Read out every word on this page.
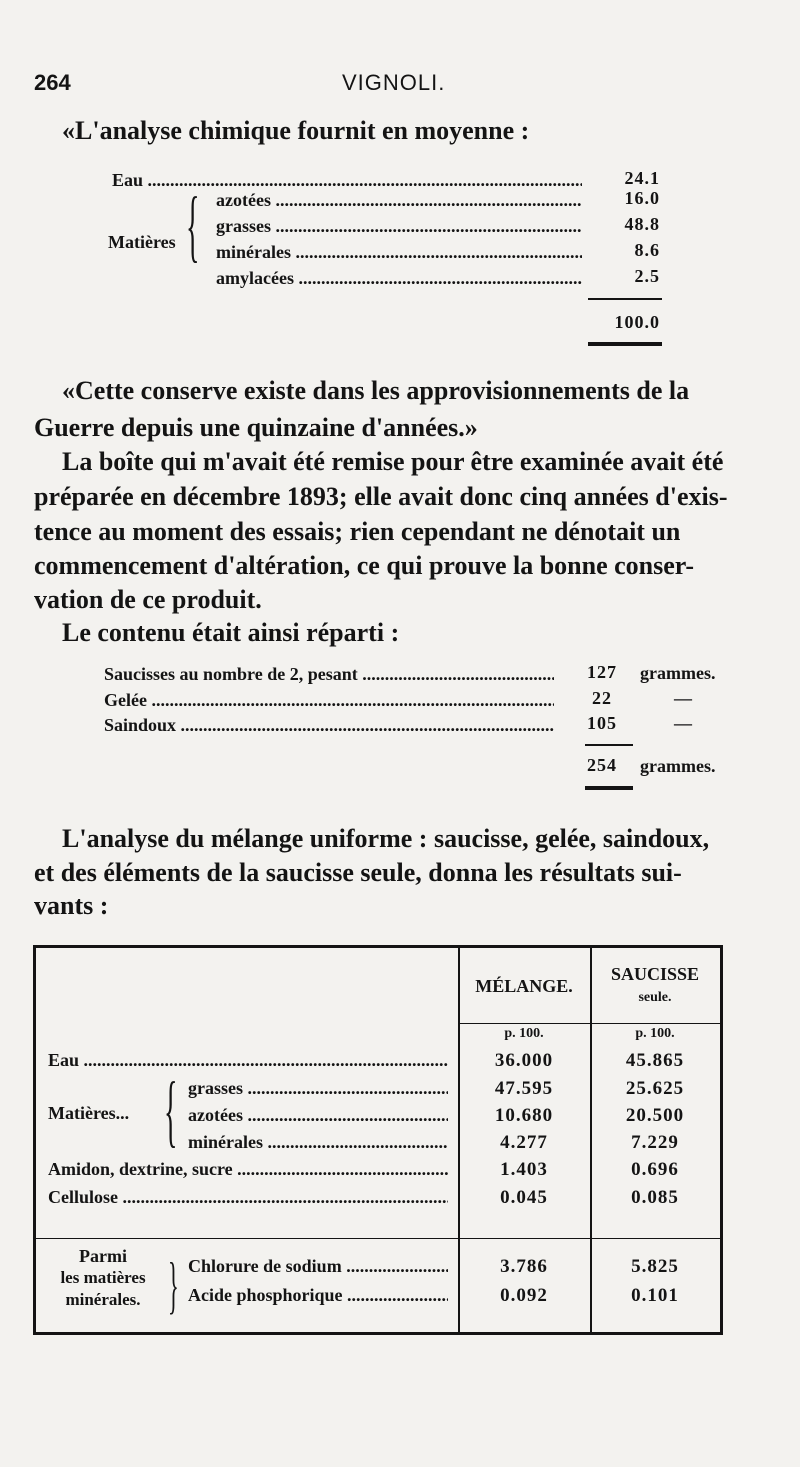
264	VIGNOLI.
«L'analyse chimique fournit en moyenne :
Eau .....	24.1
Matières { azotées .....	16.0
grasses .....	48.8
minérales .....	8.6
amylacées .....	2.5
100.0
«Cette conserve existe dans les approvisionnements de la
Guerre depuis une quinzaine d'années.»
La boîte qui m'avait été remise pour être examinée avait été
préparée en décembre 1893; elle avait donc cinq années d'exis-
tence au moment des essais; rien cependant ne dénotait un
commencement d'altération, ce qui prouve la bonne conser-
vation de ce produit.
Le contenu était ainsi réparti :
Saucisses au nombre de 2, pesant .....	127	grammes.
Gelée .....	22	—
Saindoux .....	105	—
254	grammes.
L'analyse du mélange uniforme : saucisse, gelée, saindoux,
et des éléments de la saucisse seule, donna les résultats sui-
vants :
MÉLANGE.
SAUCISSE
seule.
p. 100.	p. 100.
Eau .....	36.000	45.865
Matières... { grasses .....	47.595	25.625
azotées .....	10.680	20.500
minérales .....	4.277	7.229
Amidon, dextrine, sucre .....	1.403	0.696
Cellulose .....	0.045	0.085
Parmi
les matières
minérales. } Chlorure de sodium .....	3.786	5.825
Acide phosphorique .....	0.092	0.101
